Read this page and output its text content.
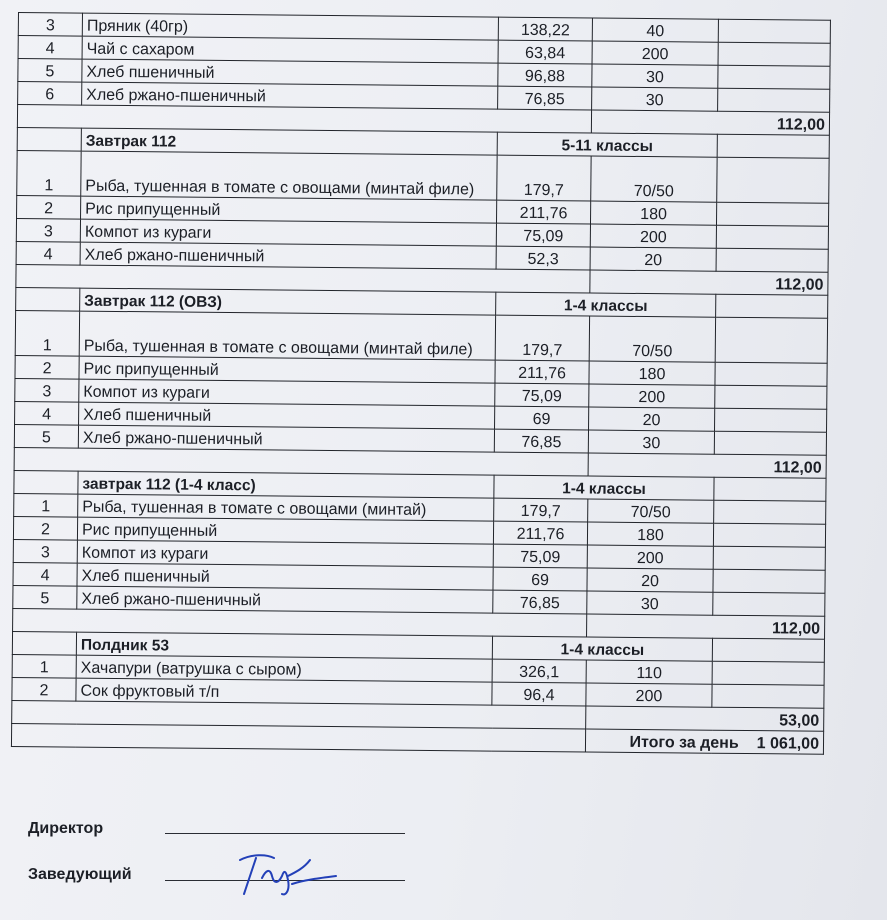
3	Пряник (40гр)	138,22	40	
4	Чай с сахаром	63,84	200	
5	Хлеб пшеничный	96,88	30	
6	Хлеб ржано-пшеничный	76,85	30	
			112,00	
	Завтрак 112	5-11 классы		
1	Рыба, тушенная в томате с овощами (минтай филе)	179,7	70/50	
2	Рис припущенный	211,76	180	
3	Компот из кураги	75,09	200	
4	Хлеб ржано-пшеничный	52,3	20	
			112,00	
	Завтрак 112 (ОВЗ)	1-4 классы		
1	Рыба, тушенная в томате с овощами (минтай филе)	179,7	70/50	
2	Рис припущенный	211,76	180	
3	Компот из кураги	75,09	200	
4	Хлеб пшеничный	69	20	
5	Хлеб ржано-пшеничный	76,85	30	
			112,00	
	завтрак 112 (1-4 класс)	1-4 классы		
1	Рыба, тушенная в томате с овощами (минтай)	179,7	70/50	
2	Рис припущенный	211,76	180	
3	Компот из кураги	75,09	200	
4	Хлеб пшеничный	69	20	
5	Хлеб ржано-пшеничный	76,85	30	
			112,00	
	Полдник 53	1-4 классы		
1	Хачапури (ватрушка с сыром)	326,1	110	
2	Сок фруктовый т/п	96,4	200	
			53,00	
			Итого за день 1 061,00	
Директор
Заведующий
